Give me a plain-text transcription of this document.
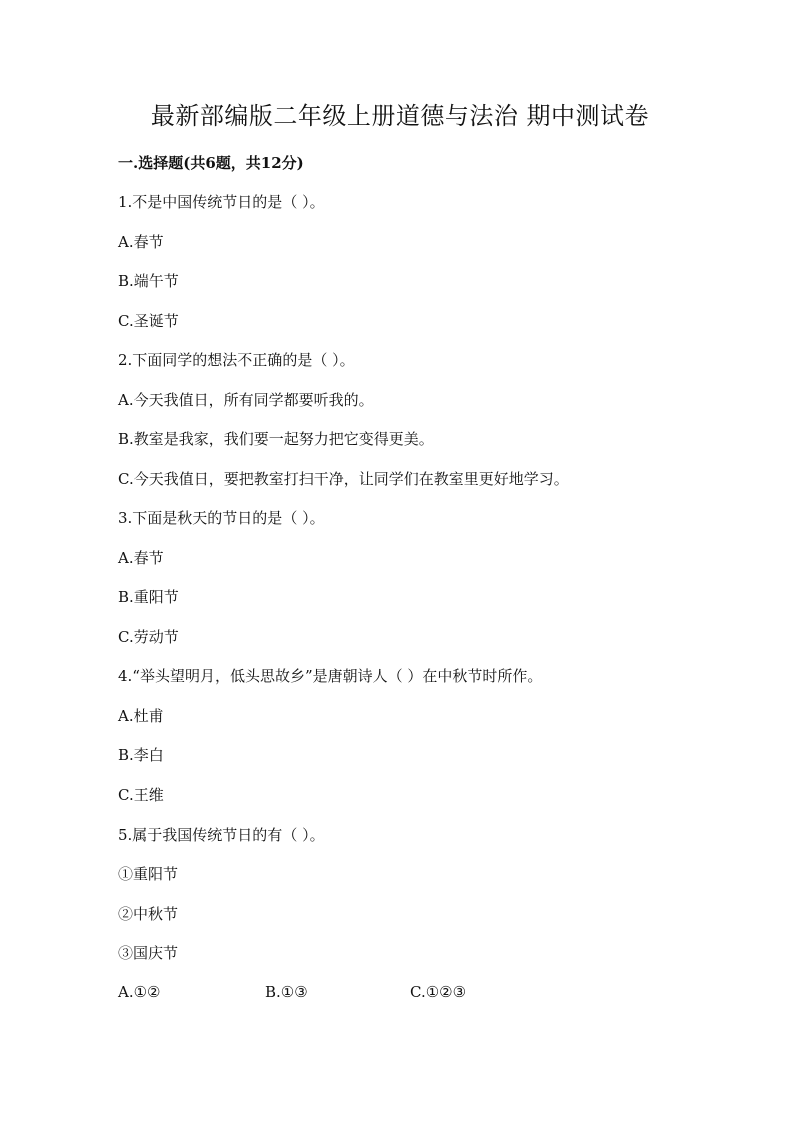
最新部编版二年级上册道德与法治 期中测试卷
一.选择题(共6题，共12分)
1.不是中国传统节日的是（ ）。
A.春节
B.端午节
C.圣诞节
2.下面同学的想法不正确的是（ ）。
A.今天我值日，所有同学都要听我的。
B.教室是我家，我们要一起努力把它变得更美。
C.今天我值日，要把教室打扫干净，让同学们在教室里更好地学习。
3.下面是秋天的节日的是（ ）。
A.春节
B.重阳节
C.劳动节
4.“举头望明月，低头思故乡”是唐朝诗人（ ）在中秋节时所作。
A.杜甫
B.李白
C.王维
5.属于我国传统节日的有（ ）。
①重阳节
②中秋节
③国庆节
A.①②	B.①③	C.①②③
